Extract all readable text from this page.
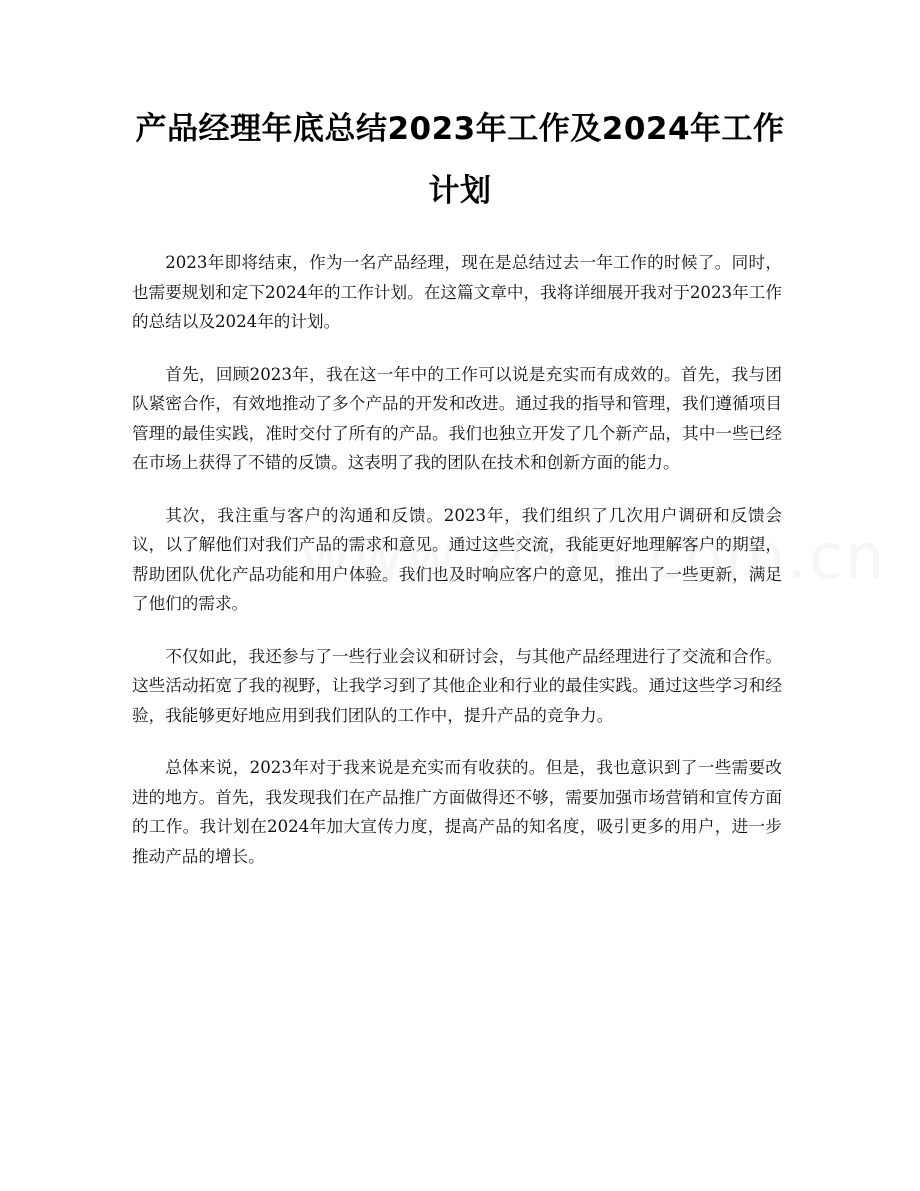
产品经理年底总结2023年工作及2024年工作计划

2023年即将结束，作为一名产品经理，现在是总结过去一年工作的时候了。同时，也需要规划和定下2024年的工作计划。在这篇文章中，我将详细展开我对于2023年工作的总结以及2024年的计划。

首先，回顾2023年，我在这一年中的工作可以说是充实而有成效的。首先，我与团队紧密合作，有效地推动了多个产品的开发和改进。通过我的指导和管理，我们遵循项目管理的最佳实践，准时交付了所有的产品。我们也独立开发了几个新产品，其中一些已经在市场上获得了不错的反馈。这表明了我的团队在技术和创新方面的能力。

其次，我注重与客户的沟通和反馈。2023年，我们组织了几次用户调研和反馈会议，以了解他们对我们产品的需求和意见。通过这些交流，我能更好地理解客户的期望，帮助团队优化产品功能和用户体验。我们也及时响应客户的意见，推出了一些更新，满足了他们的需求。

不仅如此，我还参与了一些行业会议和研讨会，与其他产品经理进行了交流和合作。这些活动拓宽了我的视野，让我学习到了其他企业和行业的最佳实践。通过这些学习和经验，我能够更好地应用到我们团队的工作中，提升产品的竞争力。

总体来说，2023年对于我来说是充实而有收获的。但是，我也意识到了一些需要改进的地方。首先，我发现我们在产品推广方面做得还不够，需要加强市场营销和宣传方面的工作。我计划在2024年加大宣传力度，提高产品的知名度，吸引更多的用户，进一步推动产品的增长。
